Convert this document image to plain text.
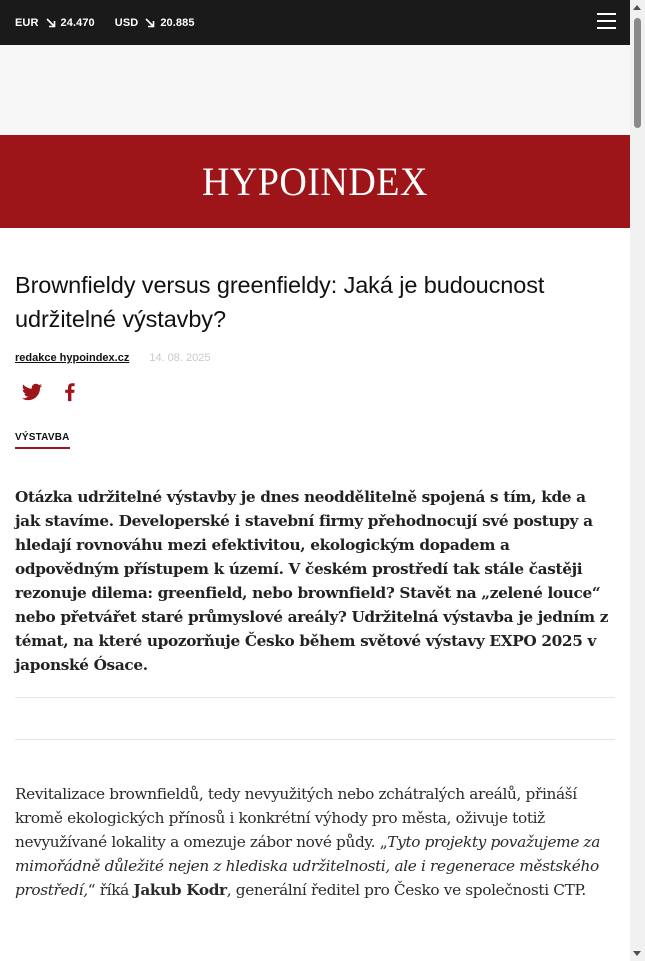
EUR 24.470 USD 20.885
HYPOINDEX
Brownfieldy versus greenfieldy: Jaká je budoucnost udržitelné výstavby?
redakce hypoindex.cz 14. 08. 2025
VÝSTAVBA

Otázka udržitelné výstavby je dnes neoddělitelně spojená s tím, kde a jak stavíme. Developerské i stavební firmy přehodnocují své postupy a hledají rovnováhu mezi efektivitou, ekologickým dopadem a odpovědným přístupem k území. V českém prostředí tak stále častěji rezonuje dilema: greenfield, nebo brownfield? Stavět na „zelené louce“ nebo přetvářet staré průmyslové areály? Udržitelná výstavba je jedním z témat, na které upozorňuje Česko během světové výstavy EXPO 2025 v japonské Ósace.

Revitalizace brownfieldů, tedy nevyužitých nebo zchátralých areálů, přináší kromě ekologických přínosů i konkrétní výhody pro města, oživuje totiž nevyužívané lokality a omezuje zábor nové půdy. „Tyto projekty považujeme za mimořádně důležité nejen z hlediska udržitelnosti, ale i regenerace městského prostředí,“ říká Jakub Kodr, generální ředitel pro Česko ve společnosti CTP.
